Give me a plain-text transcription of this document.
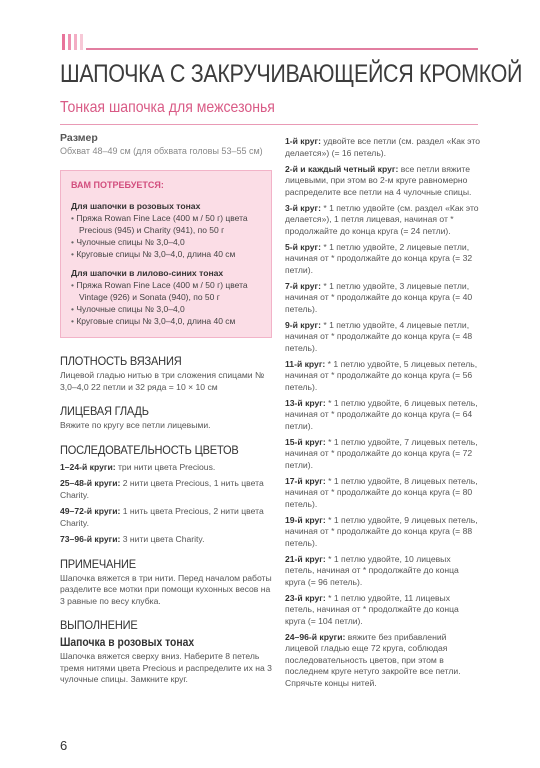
ШАПОЧКА С ЗАКРУЧИВАЮЩЕЙСЯ КРОМКОЙ
Тонкая шапочка для межсезонья
Размер
Обхват 48–49 см (для обхвата головы 53–55 см)
ВАМ ПОТРЕБУЕТСЯ:
Для шапочки в розовых тонах
• Пряжа Rowan Fine Lace (400 м / 50 г) цвета Precious (945) и Charity (941), по 50 г
• Чулочные спицы № 3,0–4,0
• Круговые спицы № 3,0–4,0, длина 40 см
Для шапочки в лилово-синих тонах
• Пряжа Rowan Fine Lace (400 м / 50 г) цвета Vintage (926) и Sonata (940), по 50 г
• Чулочные спицы № 3,0–4,0
• Круговые спицы № 3,0–4,0, длина 40 см
ПЛОТНОСТЬ ВЯЗАНИЯ
Лицевой гладью нитью в три сложения спицами № 3,0–4,0 22 петли и 32 ряда = 10 × 10 см
ЛИЦЕВАЯ ГЛАДЬ
Вяжите по кругу все петли лицевыми.
ПОСЛЕДОВАТЕЛЬНОСТЬ ЦВЕТОВ
1–24-й круги: три нити цвета Precious.
25–48-й круги: 2 нити цвета Precious, 1 нить цвета Charity.
49–72-й круги: 1 нить цвета Precious, 2 нити цвета Charity.
73–96-й круги: 3 нити цвета Charity.
ПРИМЕЧАНИЕ
Шапочка вяжется в три нити. Перед началом работы разделите все мотки при помощи кухонных весов на 3 равные по весу клубка.
ВЫПОЛНЕНИЕ
Шапочка в розовых тонах
Шапочка вяжется сверху вниз. Наберите 8 петель тремя нитями цвета Precious и распределите их на 3 чулочные спицы. Замкните круг.
1-й круг: удвойте все петли (см. раздел «Как это делается») (= 16 петель).
2-й и каждый четный круг: все петли вяжите лицевыми, при этом во 2-м круге равномерно распределите все петли на 4 чулочные спицы.
3-й круг: * 1 петлю удвойте (см. раздел «Как это делается»), 1 петля лицевая, начиная от * продолжайте до конца круга (= 24 петли).
5-й круг: * 1 петлю удвойте, 2 лицевые петли, начиная от * продолжайте до конца круга (= 32 петли).
7-й круг: * 1 петлю удвойте, 3 лицевые петли, начиная от * продолжайте до конца круга (= 40 петель).
9-й круг: * 1 петлю удвойте, 4 лицевые петли, начиная от * продолжайте до конца круга (= 48 петель).
11-й круг: * 1 петлю удвойте, 5 лицевых петель, начиная от * продолжайте до конца круга (= 56 петель).
13-й круг: * 1 петлю удвойте, 6 лицевых петель, начиная от * продолжайте до конца круга (= 64 петли).
15-й круг: * 1 петлю удвойте, 7 лицевых петель, начиная от * продолжайте до конца круга (= 72 петли).
17-й круг: * 1 петлю удвойте, 8 лицевых петель, начиная от * продолжайте до конца круга (= 80 петель).
19-й круг: * 1 петлю удвойте, 9 лицевых петель, начиная от * продолжайте до конца круга (= 88 петель).
21-й круг: * 1 петлю удвойте, 10 лицевых петель, начиная от * продолжайте до конца круга (= 96 петель).
23-й круг: * 1 петлю удвойте, 11 лицевых петель, начиная от * продолжайте до конца круга (= 104 петли).
24–96-й круги: вяжите без прибавлений лицевой гладью еще 72 круга, соблюдая последовательность цветов, при этом в последнем круге нетуго закройте все петли. Спрячьте концы нитей.
6
